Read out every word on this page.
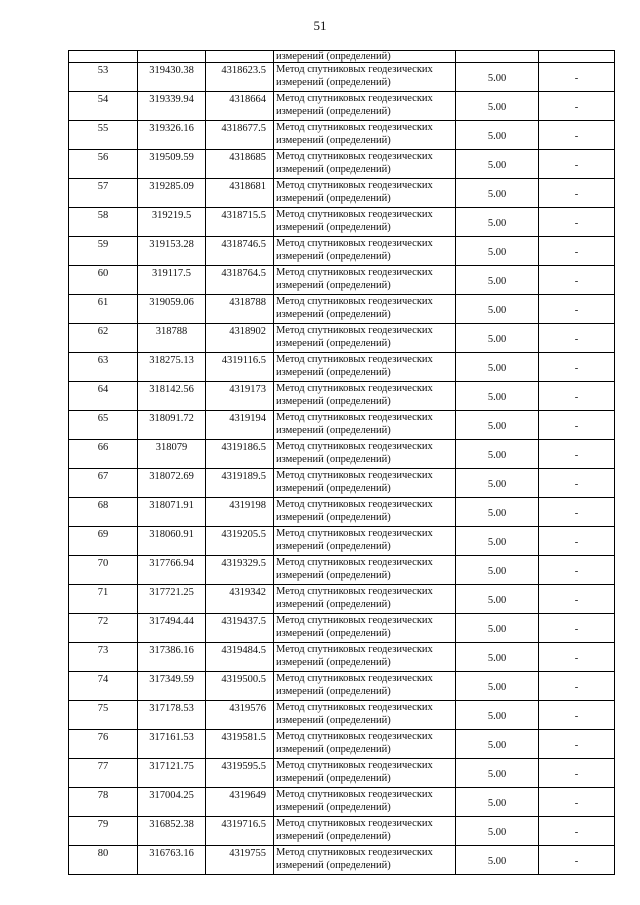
51
			измерений (определений)		
53	319430.38	4318623.5	Метод спутниковых геодезических
измерений (определений)	5.00	-
54	319339.94	4318664	Метод спутниковых геодезических
измерений (определений)	5.00	-
55	319326.16	4318677.5	Метод спутниковых геодезических
измерений (определений)	5.00	-
56	319509.59	4318685	Метод спутниковых геодезических
измерений (определений)	5.00	-
57	319285.09	4318681	Метод спутниковых геодезических
измерений (определений)	5.00	-
58	319219.5	4318715.5	Метод спутниковых геодезических
измерений (определений)	5.00	-
59	319153.28	4318746.5	Метод спутниковых геодезических
измерений (определений)	5.00	-
60	319117.5	4318764.5	Метод спутниковых геодезических
измерений (определений)	5.00	-
61	319059.06	4318788	Метод спутниковых геодезических
измерений (определений)	5.00	-
62	318788	4318902	Метод спутниковых геодезических
измерений (определений)	5.00	-
63	318275.13	4319116.5	Метод спутниковых геодезических
измерений (определений)	5.00	-
64	318142.56	4319173	Метод спутниковых геодезических
измерений (определений)	5.00	-
65	318091.72	4319194	Метод спутниковых геодезических
измерений (определений)	5.00	-
66	318079	4319186.5	Метод спутниковых геодезических
измерений (определений)	5.00	-
67	318072.69	4319189.5	Метод спутниковых геодезических
измерений (определений)	5.00	-
68	318071.91	4319198	Метод спутниковых геодезических
измерений (определений)	5.00	-
69	318060.91	4319205.5	Метод спутниковых геодезических
измерений (определений)	5.00	-
70	317766.94	4319329.5	Метод спутниковых геодезических
измерений (определений)	5.00	-
71	317721.25	4319342	Метод спутниковых геодезических
измерений (определений)	5.00	-
72	317494.44	4319437.5	Метод спутниковых геодезических
измерений (определений)	5.00	-
73	317386.16	4319484.5	Метод спутниковых геодезических
измерений (определений)	5.00	-
74	317349.59	4319500.5	Метод спутниковых геодезических
измерений (определений)	5.00	-
75	317178.53	4319576	Метод спутниковых геодезических
измерений (определений)	5.00	-
76	317161.53	4319581.5	Метод спутниковых геодезических
измерений (определений)	5.00	-
77	317121.75	4319595.5	Метод спутниковых геодезических
измерений (определений)	5.00	-
78	317004.25	4319649	Метод спутниковых геодезических
измерений (определений)	5.00	-
79	316852.38	4319716.5	Метод спутниковых геодезических
измерений (определений)	5.00	-
80	316763.16	4319755	Метод спутниковых геодезических
измерений (определений)	5.00	-
